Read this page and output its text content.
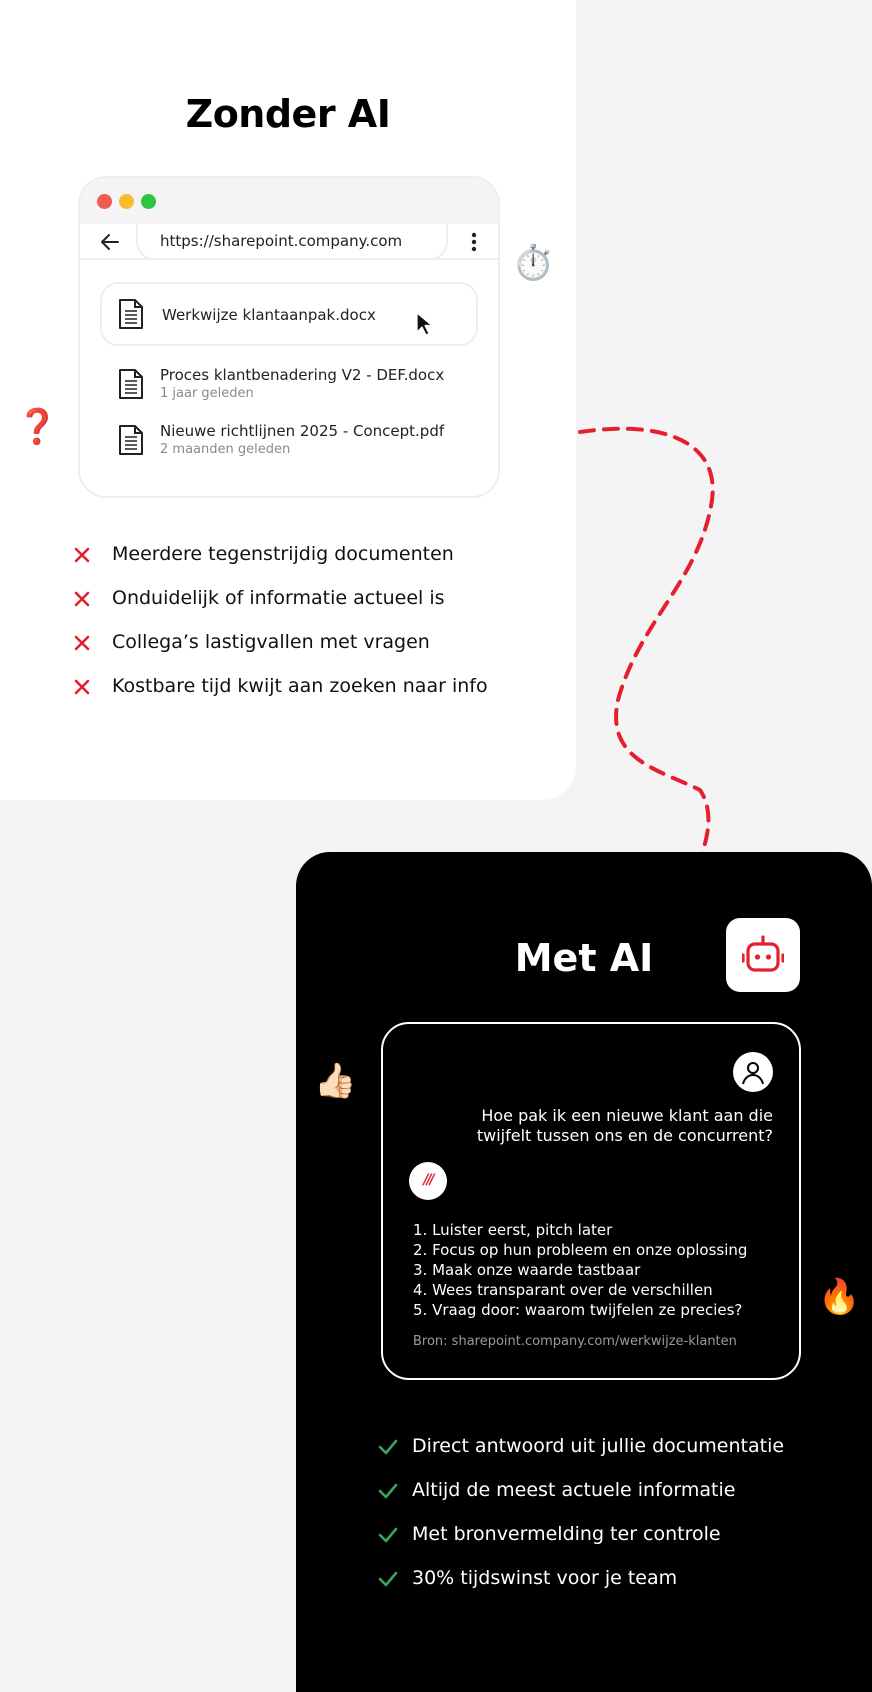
Zonder AI
https://sharepoint.company.com
Werkwijze klantaanpak.docx
Proces klantbenadering V2 - DEF.docx
1 jaar geleden
Nieuwe richtlijnen 2025 - Concept.pdf
2 maanden geleden
Meerdere tegenstrijdig documenten
Onduidelijk of informatie actueel is
Collega’s lastigvallen met vragen
Kostbare tijd kwijt aan zoeken naar info
⏱️
❓
Met AI

Hoe pak ik een nieuwe klant aan die twijfelt tussen ons en de concurrent?

///
1. Luister eerst, pitch later
2. Focus op hun probleem en onze oplossing
3. Maak onze waarde tastbaar
4. Wees transparant over de verschillen
5. Vraag door: waarom twijfelen ze precies?

Bron: sharepoint.company.com/werkwijze-klanten

Direct antwoord uit jullie documentatie
Altijd de meest actuele informatie
Met bronvermelding ter controle
30% tijdswinst voor je team
👍🏻
🔥
